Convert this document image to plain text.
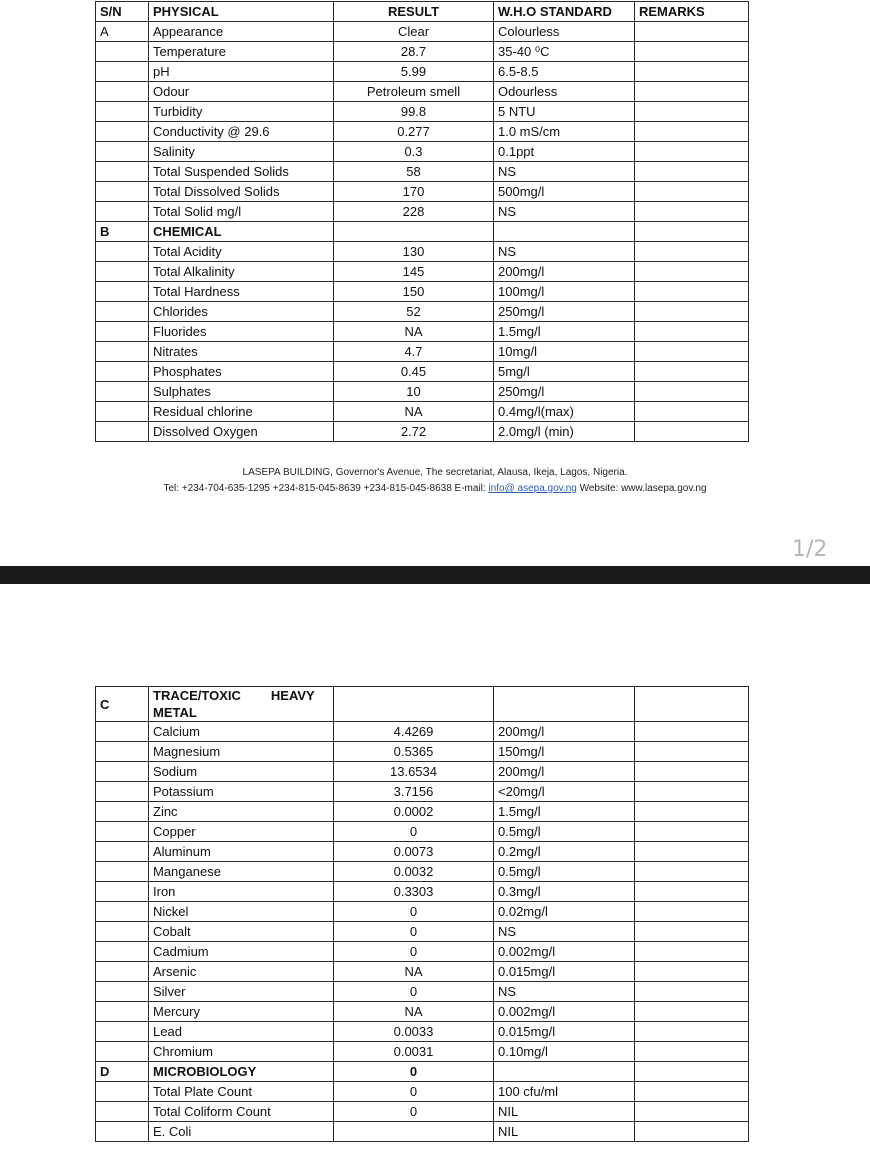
S/N	PHYSICAL	RESULT	W.H.O STANDARD	REMARKS
A	Appearance	Clear	Colourless	
	Temperature	28.7	35-40 ⁰C	
	pH	5.99	6.5-8.5	
	Odour	Petroleum smell	Odourless	
	Turbidity	99.8	5 NTU	
	Conductivity @ 29.6	0.277	1.0 mS/cm	
	Salinity	0.3	0.1ppt	
	Total Suspended Solids	58	NS	
	Total Dissolved Solids	170	500mg/l	
	Total Solid mg/l	228	NS	
B	CHEMICAL			
	Total Acidity	130	NS	
	Total Alkalinity	145	200mg/l	
	Total Hardness	150	100mg/l	
	Chlorides	52	250mg/l	
	Fluorides	NA	1.5mg/l	
	Nitrates	4.7	10mg/l	
	Phosphates	0.45	5mg/l	
	Sulphates	10	250mg/l	
	Residual chlorine	NA	0.4mg/l(max)	
	Dissolved Oxygen	2.72	2.0mg/l (min)	
LASEPA BUILDING, Governor's Avenue, The secretariat, Alausa, Ikeja, Lagos, Nigeria.
Tel: +234-704-635-1295 +234-815-045-8639 +234-815-045-8638 E-mail: info@ asepa.gov.ng Website: www.lasepa.gov.ng
1/2
C	TRACE/TOXIC HEAVY
METAL			
	Calcium	4.4269	200mg/l	
	Magnesium	0.5365	150mg/l	
	Sodium	13.6534	200mg/l	
	Potassium	3.7156	<20mg/l	
	Zinc	0.0002	1.5mg/l	
	Copper	0	0.5mg/l	
	Aluminum	0.0073	0.2mg/l	
	Manganese	0.0032	0.5mg/l	
	Iron	0.3303	0.3mg/l	
	Nickel	0	0.02mg/l	
	Cobalt	0	NS	
	Cadmium	0	0.002mg/l	
	Arsenic	NA	0.015mg/l	
	Silver	0	NS	
	Mercury	NA	0.002mg/l	
	Lead	0.0033	0.015mg/l	
	Chromium	0.0031	0.10mg/l	
D	MICROBIOLOGY	0		
	Total Plate Count	0	100 cfu/ml	
	Total Coliform Count	0	NIL	
	E. Coli		NIL	
